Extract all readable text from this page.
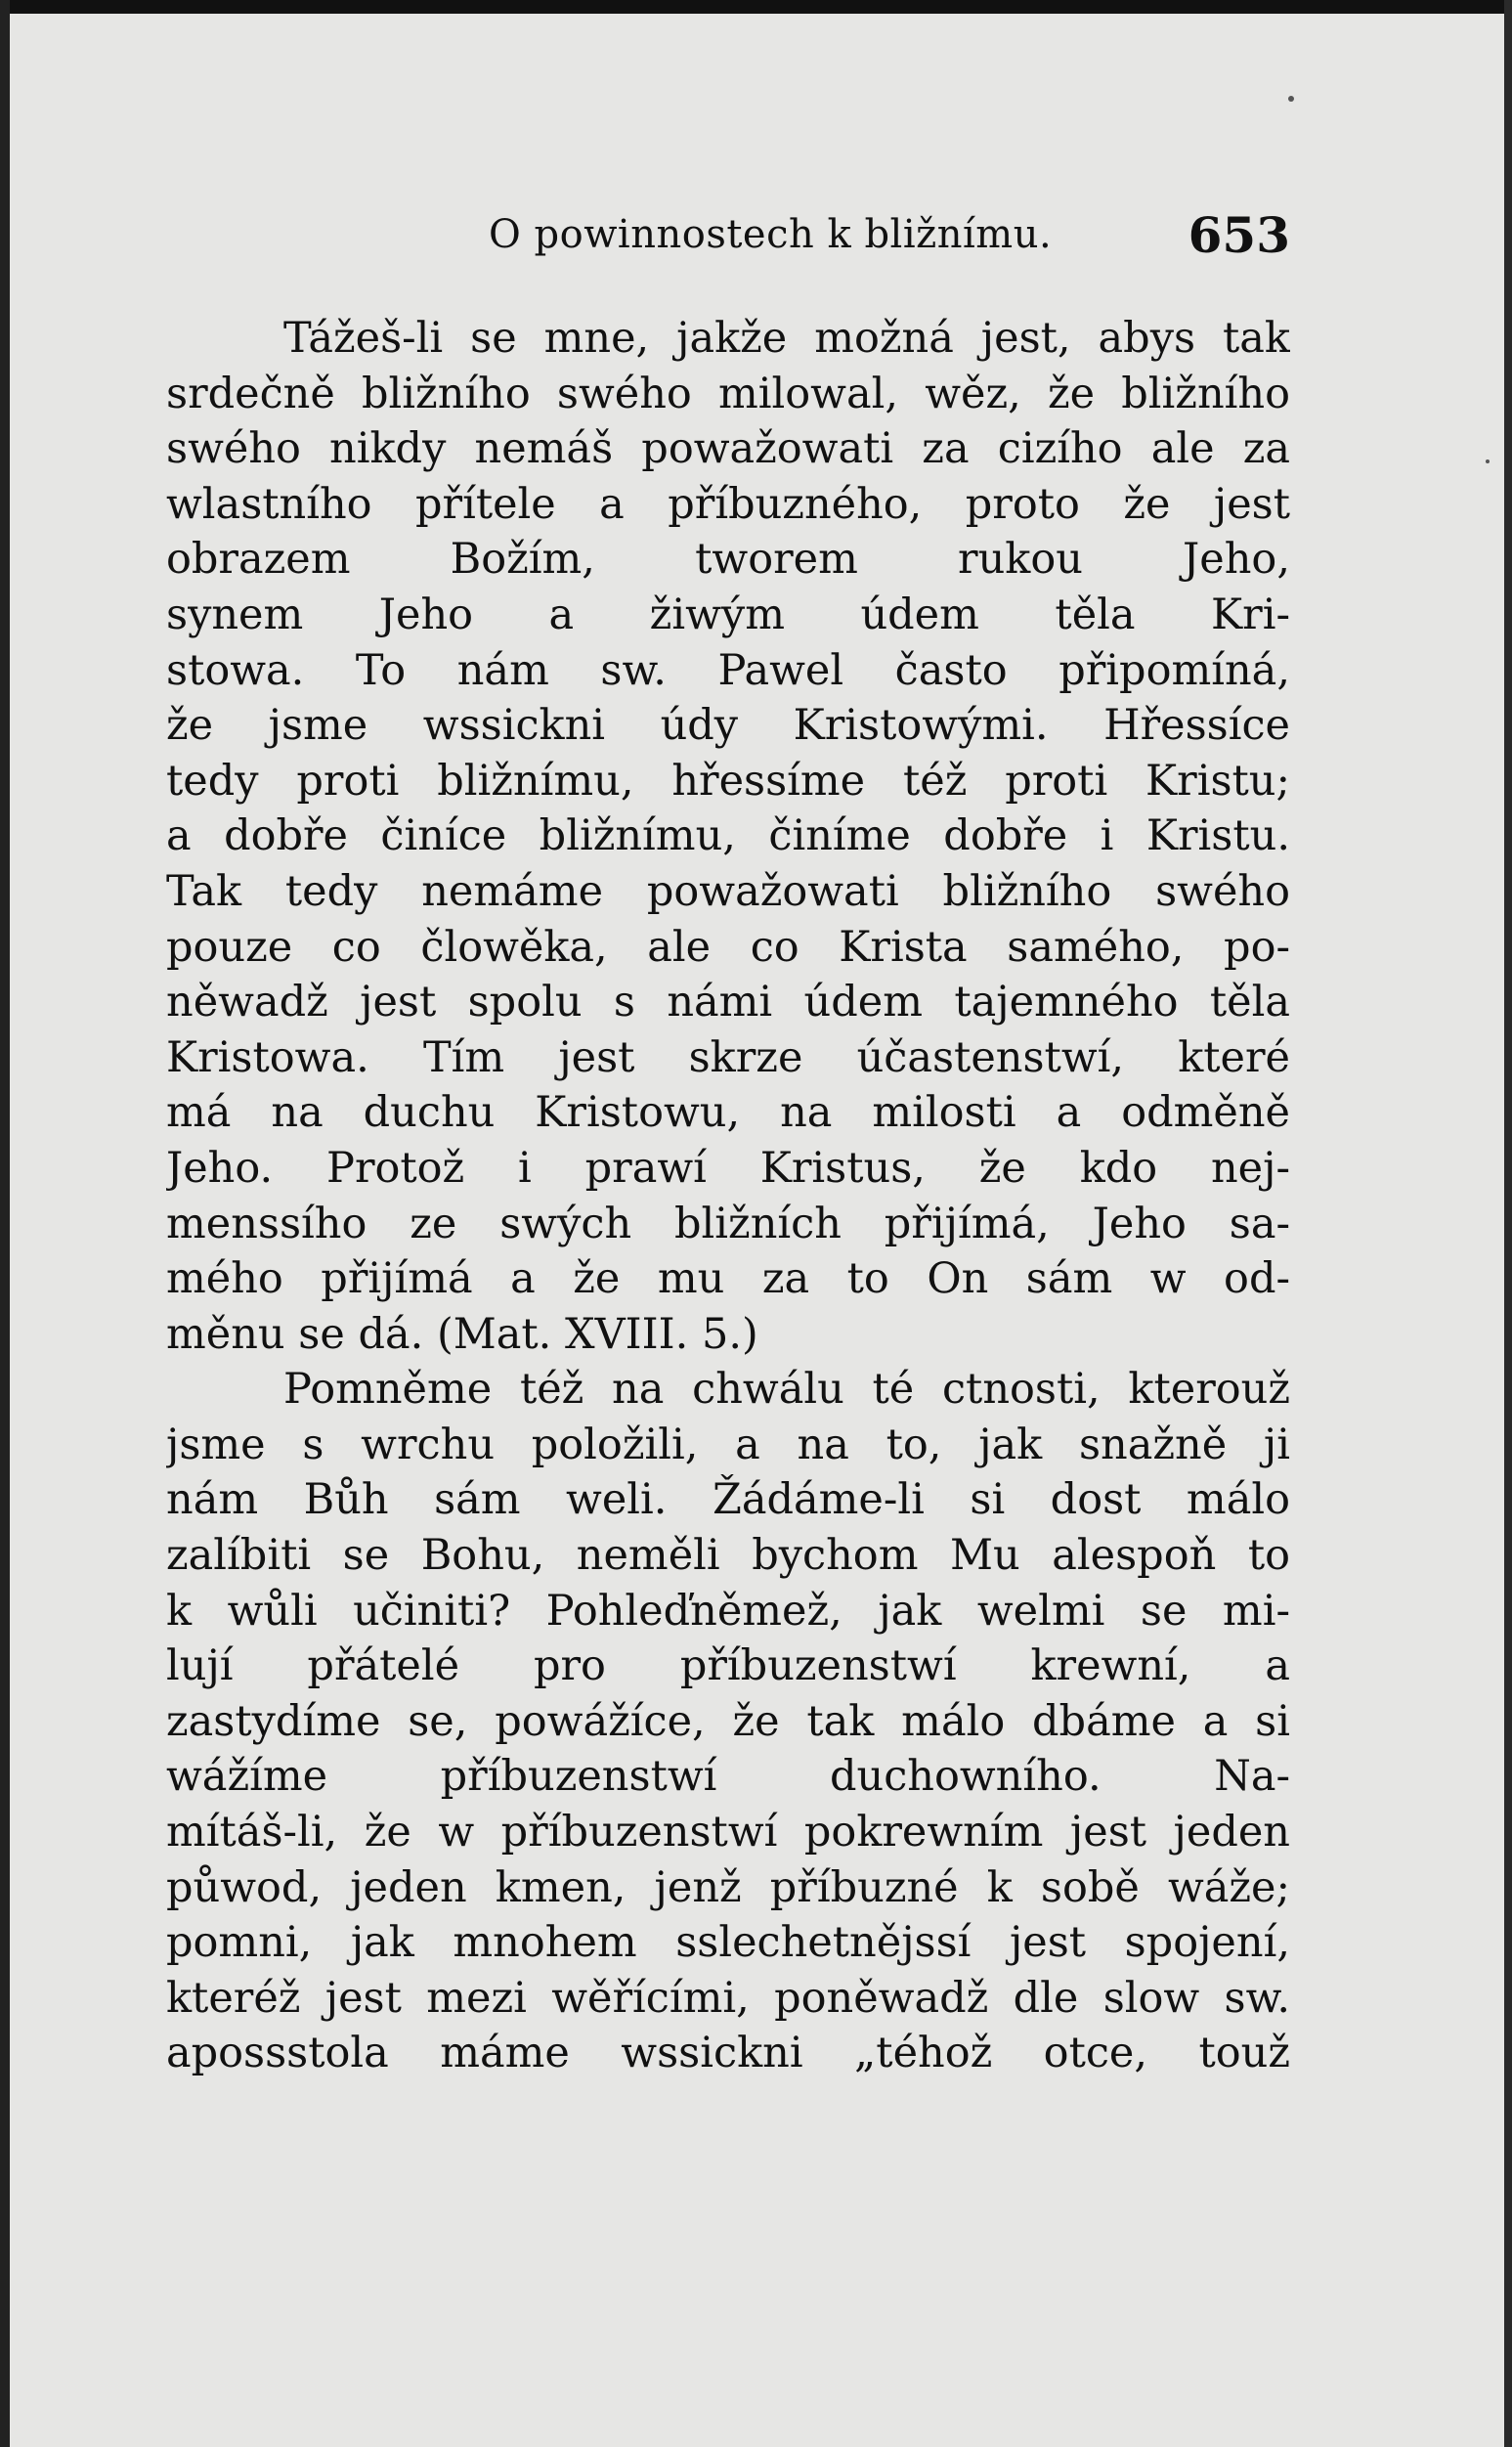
O powinnostech k bližnímu.	653
Tážeš-li se mne, jakže možná jest, abys tak
srdečně bližního swého milowal, wěz, že bližního
swého nikdy nemáš powažowati za cizího ale za
wlastního přítele a příbuzného, proto že jest
obrazem Božím, tworem rukou Jeho,
synem Jeho a žiwým údem těla Kri-
stowa. To nám sw. Pawel často připomíná,
že jsme wssickni údy Kristowými. Hřessíce
tedy proti bližnímu, hřessíme též proti Kristu;
a dobře činíce bližnímu, činíme dobře i Kristu.
Tak tedy nemáme powažowati bližního swého
pouze co člowěka, ale co Krista samého, po-
něwadž jest spolu s námi údem tajemného těla
Kristowa. Tím jest skrze účastenstwí, které
má na duchu Kristowu, na milosti a odměně
Jeho. Protož i prawí Kristus, že kdo nej-
menssího ze swých bližních přijímá, Jeho sa-
mého přijímá a že mu za to On sám w od-
měnu se dá. (Mat. XVIII. 5.)
Pomněme též na chwálu té ctnosti, kterouž
jsme s wrchu položili, a na to, jak snažně ji
nám Bůh sám weli. Žádáme-li si dost málo
zalíbiti se Bohu, neměli bychom Mu alespoň to
k wůli učiniti? Pohleďněmež, jak welmi se mi-
lují přátelé pro příbuzenstwí krewní, a
zastydíme se, powážíce, že tak málo dbáme a si
wážíme příbuzenstwí duchowního. Na-
mítáš-li, že w příbuzenstwí pokrewním jest jeden
půwod, jeden kmen, jenž příbuzné k sobě wáže;
pomni, jak mnohem sslechetnějssí jest spojení,
kteréž jest mezi wěřícími, poněwadž dle slow sw.
apossstola máme wssickni „téhož otce, touž
